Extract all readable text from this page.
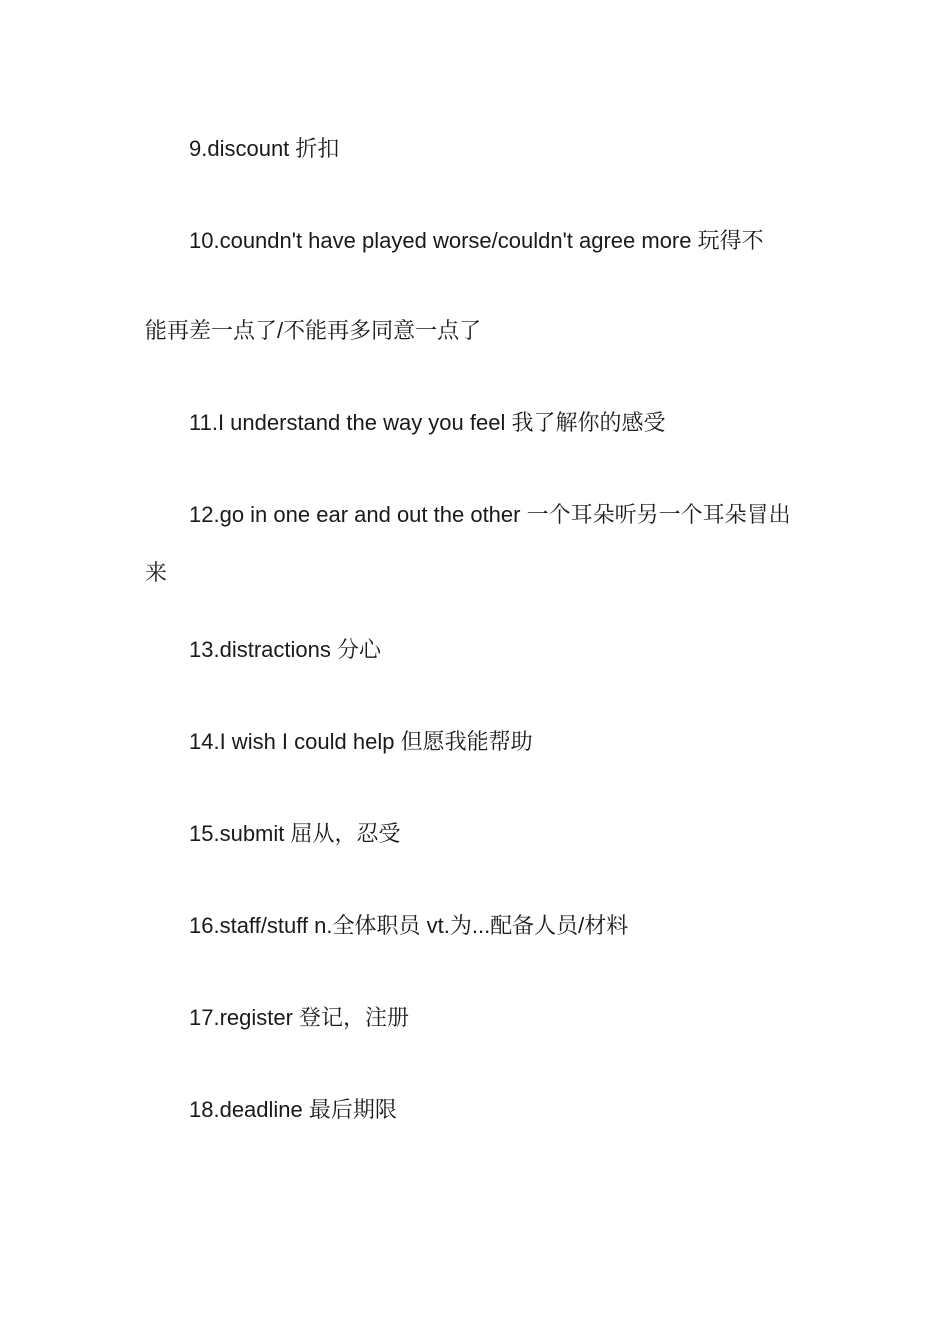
9.discount 折扣
10.coundn't have played worse/couldn't agree more 玩得不
能再差一点了/不能再多同意一点了
11.I understand the way you feel 我了解你的感受
12.go in one ear and out the other 一个耳朵听另一个耳朵冒出
来
13.distractions 分心
14.I wish I could help 但愿我能帮助
15.submit 屈从，忍受
16.staff/stuff n.全体职员 vt.为...配备人员/材料
17.register 登记，注册
18.deadline 最后期限
